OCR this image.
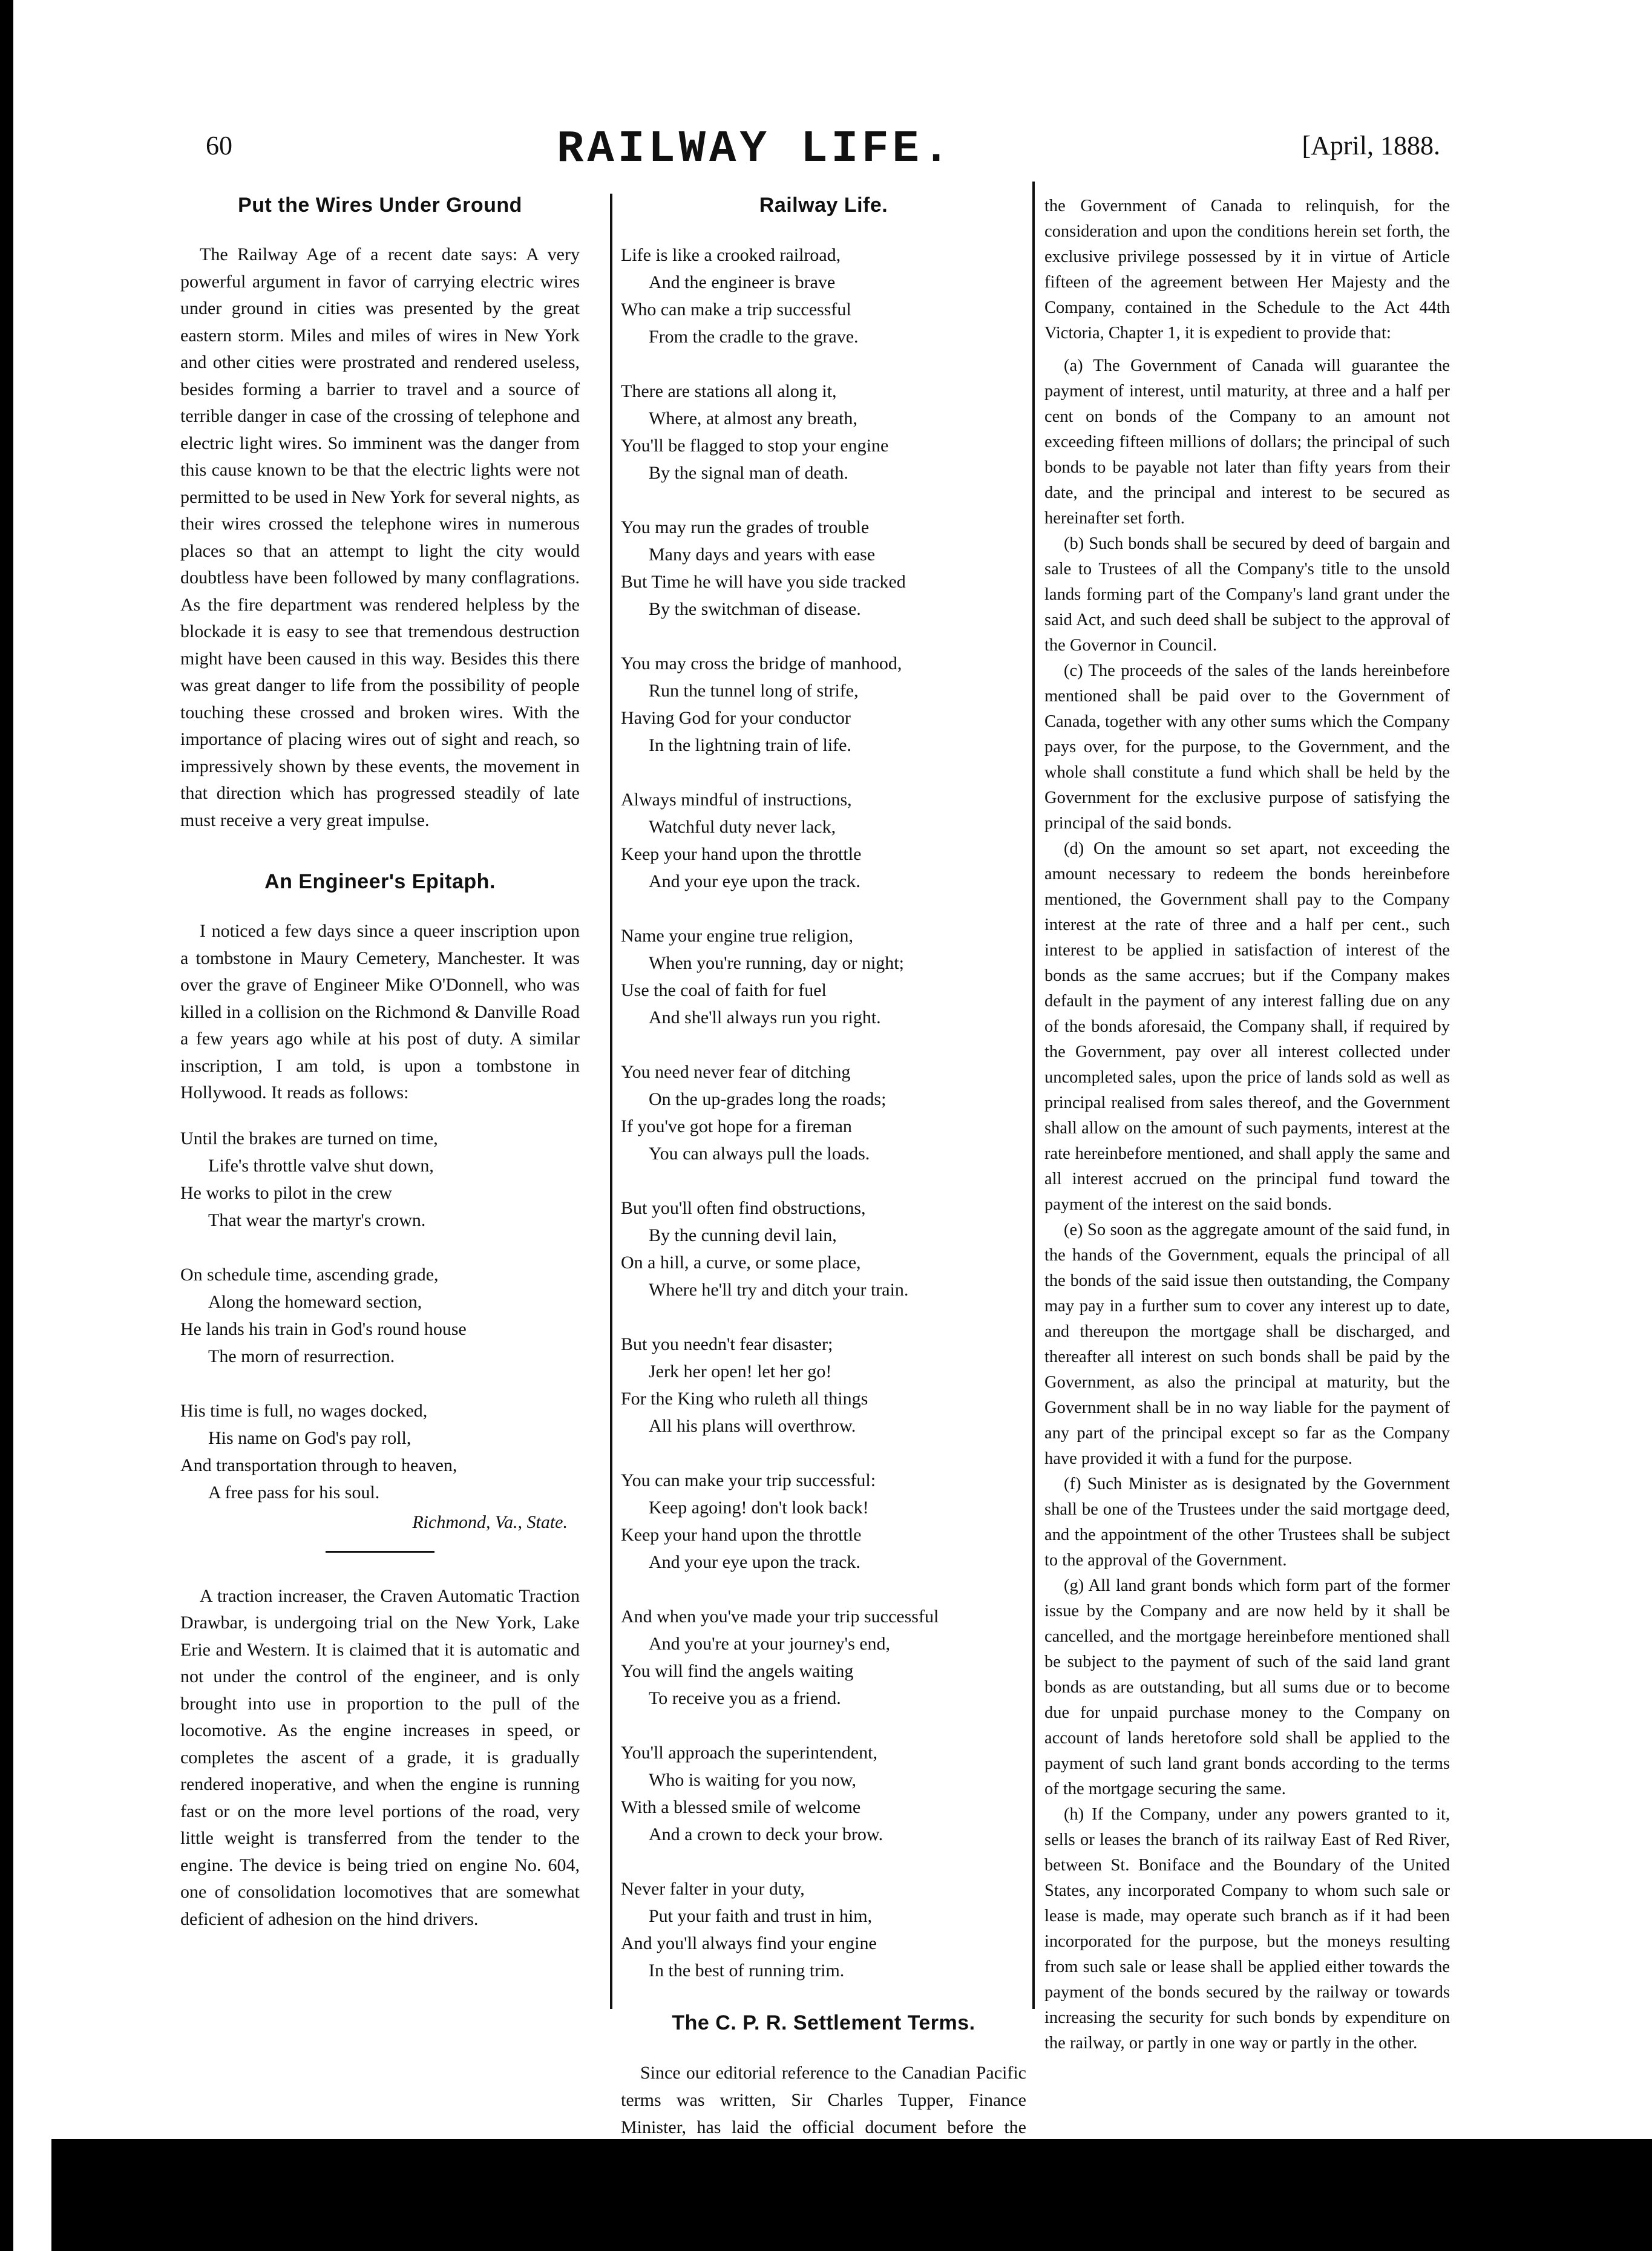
60	RAILWAY LIFE.	[April, 1888.
Put the Wires Under Ground

The Railway Age of a recent date says: A very powerful argument in favor of carrying electric wires under ground in cities was presented by the great eastern storm. Miles and miles of wires in New York and other cities were prostrated and rendered useless, besides forming a barrier to travel and a source of terrible danger in case of the crossing of telephone and electric light wires. So imminent was the danger from this cause known to be that the electric lights were not permitted to be used in New York for several nights, as their wires crossed the telephone wires in numerous places so that an attempt to light the city would doubtless have been followed by many conflagrations. As the fire department was rendered helpless by the blockade it is easy to see that tremendous destruction might have been caused in this way. Besides this there was great danger to life from the possibility of people touching these crossed and broken wires. With the importance of placing wires out of sight and reach, so impressively shown by these events, the movement in that direction which has progressed steadily of late must receive a very great impulse.

An Engineer's Epitaph.

I noticed a few days since a queer inscription upon a tombstone in Maury Cemetery, Manchester. It was over the grave of Engineer Mike O'Donnell, who was killed in a collision on the Richmond & Danville Road a few years ago while at his post of duty. A similar inscription, I am told, is upon a tombstone in Hollywood. It reads as follows:

Until the brakes are turned on time,
Life's throttle valve shut down,
He works to pilot in the crew
That wear the martyr's crown.
On schedule time, ascending grade,
Along the homeward section,
He lands his train in God's round house
The morn of resurrection.
His time is full, no wages docked,
His name on God's pay roll,
And transportation through to heaven,
A free pass for his soul.
Richmond, Va., State.

A traction increaser, the Craven Automatic Traction Drawbar, is undergoing trial on the New York, Lake Erie and Western. It is claimed that it is automatic and not under the control of the engineer, and is only brought into use in proportion to the pull of the locomotive. As the engine increases in speed, or completes the ascent of a grade, it is gradually rendered inoperative, and when the engine is running fast or on the more level portions of the road, very little weight is transferred from the tender to the engine. The device is being tried on engine No. 604, one of consolidation locomotives that are somewhat deficient of adhesion on the hind drivers.

Railway Life.
Life is like a crooked railroad,
And the engineer is brave
Who can make a trip successful
From the cradle to the grave.
There are stations all along it,
Where, at almost any breath,
You'll be flagged to stop your engine
By the signal man of death.
You may run the grades of trouble
Many days and years with ease
But Time he will have you side tracked
By the switchman of disease.
You may cross the bridge of manhood,
Run the tunnel long of strife,
Having God for your conductor
In the lightning train of life.
Always mindful of instructions,
Watchful duty never lack,
Keep your hand upon the throttle
And your eye upon the track.
Name your engine true religion,
When you're running, day or night;
Use the coal of faith for fuel
And she'll always run you right.
You need never fear of ditching
On the up-grades long the roads;
If you've got hope for a fireman
You can always pull the loads.
But you'll often find obstructions,
By the cunning devil lain,
On a hill, a curve, or some place,
Where he'll try and ditch your train.
But you needn't fear disaster;
Jerk her open! let her go!
For the King who ruleth all things
All his plans will overthrow.
You can make your trip successful:
Keep agoing! don't look back!
Keep your hand upon the throttle
And your eye upon the track.
And when you've made your trip successful
And you're at your journey's end,
You will find the angels waiting
To receive you as a friend.
You'll approach the superintendent,
Who is waiting for you now,
With a blessed smile of welcome
And a crown to deck your brow.
Never falter in your duty,
Put your faith and trust in him,
And you'll always find your engine
In the best of running trim.
The C. P. R. Settlement Terms.

Since our editorial reference to the Canadian Pacific terms was written, Sir Charles Tupper, Finance Minister, has laid the official document before the

the Government of Canada to relinquish, for the consideration and upon the conditions herein set forth, the exclusive privilege possessed by it in virtue of Article fifteen of the agreement between Her Majesty and the Company, contained in the Schedule to the Act 44th Victoria, Chapter 1, it is expedient to provide that:

(a) The Government of Canada will guarantee the payment of interest, until maturity, at three and a half per cent on bonds of the Company to an amount not exceeding fifteen millions of dollars; the principal of such bonds to be payable not later than fifty years from their date, and the principal and interest to be secured as hereinafter set forth.

(b) Such bonds shall be secured by deed of bargain and sale to Trustees of all the Company's title to the unsold lands forming part of the Company's land grant under the said Act, and such deed shall be subject to the approval of the Governor in Council.

(c) The proceeds of the sales of the lands hereinbefore mentioned shall be paid over to the Government of Canada, together with any other sums which the Company pays over, for the purpose, to the Government, and the whole shall constitute a fund which shall be held by the Government for the exclusive purpose of satisfying the principal of the said bonds.

(d) On the amount so set apart, not exceeding the amount necessary to redeem the bonds hereinbefore mentioned, the Government shall pay to the Company interest at the rate of three and a half per cent., such interest to be applied in satisfaction of interest of the bonds as the same accrues; but if the Company makes default in the payment of any interest falling due on any of the bonds aforesaid, the Company shall, if required by the Government, pay over all interest collected under uncompleted sales, upon the price of lands sold as well as principal realised from sales thereof, and the Government shall allow on the amount of such payments, interest at the rate hereinbefore mentioned, and shall apply the same and all interest accrued on the principal fund toward the payment of the interest on the said bonds.

(e) So soon as the aggregate amount of the said fund, in the hands of the Government, equals the principal of all the bonds of the said issue then outstanding, the Company may pay in a further sum to cover any interest up to date, and thereupon the mortgage shall be discharged, and thereafter all interest on such bonds shall be paid by the Government, as also the principal at maturity, but the Government shall be in no way liable for the payment of any part of the principal except so far as the Company have provided it with a fund for the purpose.

(f) Such Minister as is designated by the Government shall be one of the Trustees under the said mortgage deed, and the appointment of the other Trustees shall be subject to the approval of the Government.

(g) All land grant bonds which form part of the former issue by the Company and are now held by it shall be cancelled, and the mortgage hereinbefore mentioned shall be subject to the payment of such of the said land grant bonds as are outstanding, but all sums due or to become due for unpaid purchase money to the Company on account of lands heretofore sold shall be applied to the payment of such land grant bonds according to the terms of the mortgage securing the same.

(h) If the Company, under any powers granted to it, sells or leases the branch of its railway East of Red River, between St. Boniface and the Boundary of the United States, any incorporated Company to whom such sale or lease is made, may operate such branch as if it had been incorporated for the purpose, but the moneys resulting from such sale or lease shall be applied either towards the payment of the bonds secured by the railway or towards increasing the security for such bonds by expenditure on the railway, or partly in one way or partly in the other.
